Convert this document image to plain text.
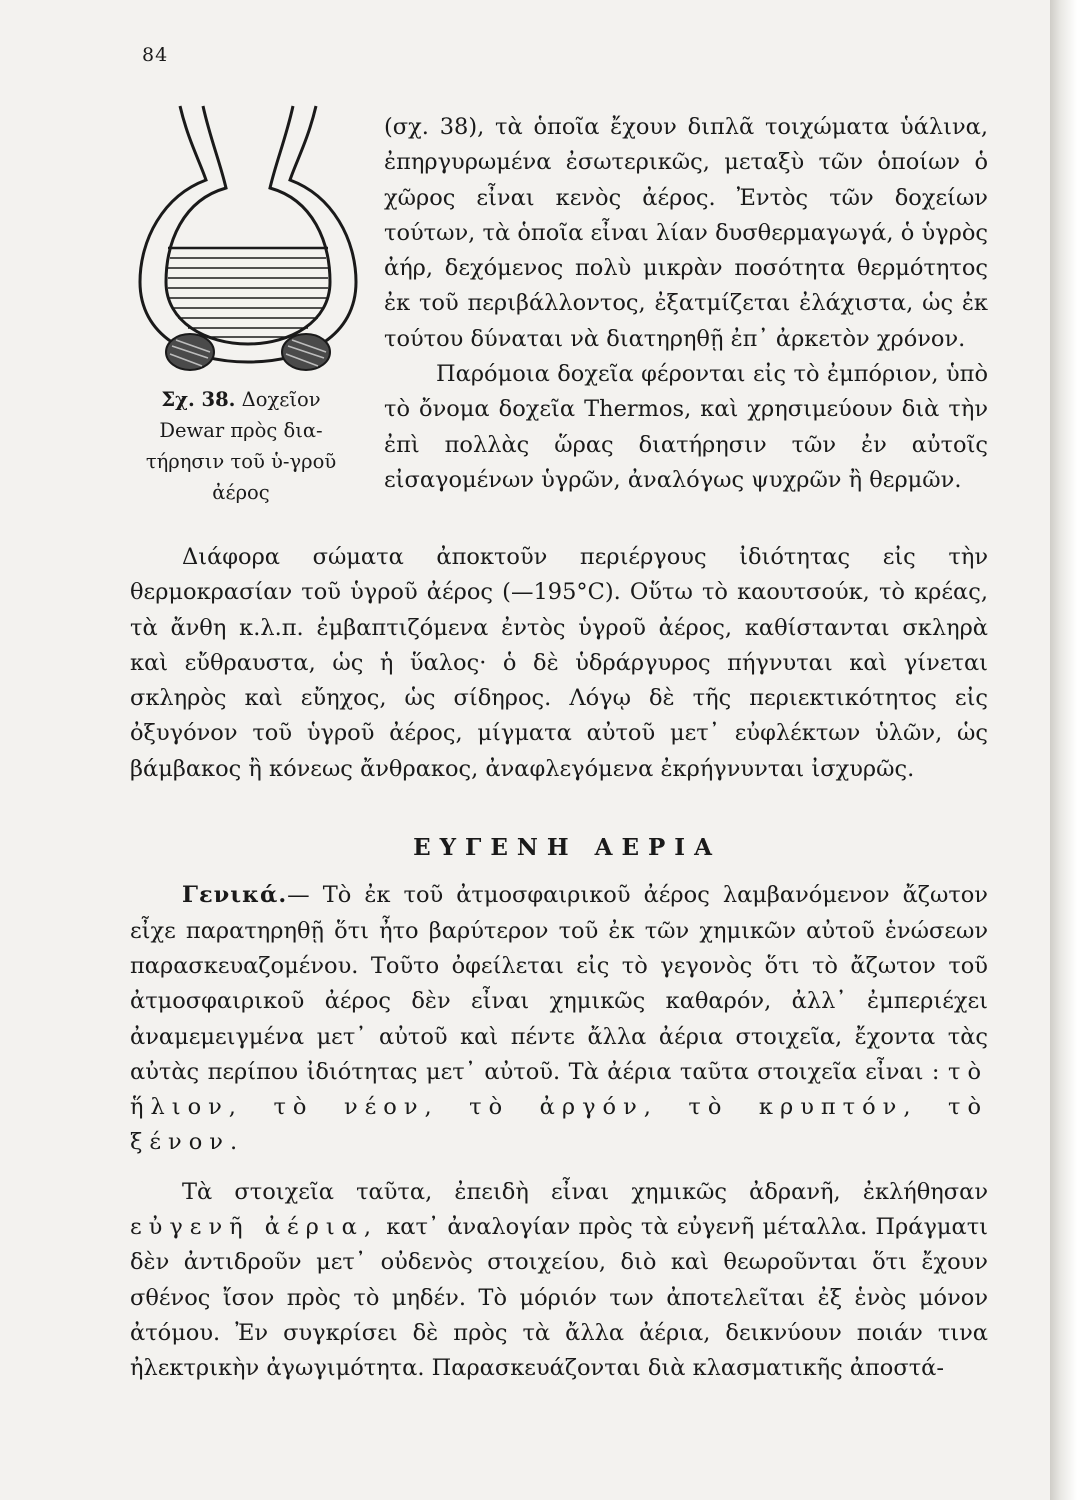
84
Σχ. 38. Δοχεῖον Dewar πρὸς δια-τήρησιν τοῦ ὑ-γροῦ ἀέρος

(σχ. 38), τὰ ὁποῖα ἔχουν διπλᾶ τοιχώματα ὑάλινα, ἐπηργυρωμένα ἐσωτερικῶς, μεταξὺ τῶν ὁποίων ὁ χῶρος εἶναι κενὸς ἀέρος. Ἐντὸς τῶν δοχείων τούτων, τὰ ὁποῖα εἶναι λίαν δυσθερμαγωγά, ὁ ὑγρὸς ἀήρ, δεχόμενος πολὺ μικρὰν ποσότητα θερμότητος ἐκ τοῦ περιβάλλοντος, ἐξατμίζεται ἐλάχιστα, ὡς ἐκ τούτου δύναται νὰ διατηρηθῇ ἐπ᾽ ἀρκετὸν χρόνον.

Παρόμοια δοχεῖα φέρονται εἰς τὸ ἐμπόριον, ὑπὸ τὸ ὄνομα δοχεῖα Thermos, καὶ χρησιμεύουν διὰ τὴν ἐπὶ πολλὰς ὥρας διατήρησιν τῶν ἐν αὐτοῖς εἰσαγομένων ὑγρῶν, ἀναλόγως ψυχρῶν ἢ θερμῶν.

Διάφορα σώματα ἀποκτοῦν περιέργους ἰδιότητας εἰς τὴν θερμοκρασίαν τοῦ ὑγροῦ ἀέρος (—195°C). Οὕτω τὸ καουτσούκ, τὸ κρέας, τὰ ἄνθη κ.λ.π. ἐμβαπτιζόμενα ἐντὸς ὑγροῦ ἀέρος, καθίστανται σκληρὰ καὶ εὔθραυστα, ὡς ἡ ὕαλος· ὁ δὲ ὑδράργυρος πήγνυται καὶ γίνεται σκληρὸς καὶ εὔηχος, ὡς σίδηρος. Λόγῳ δὲ τῆς περιεκτικότητος εἰς ὀξυγόνον τοῦ ὑγροῦ ἀέρος, μίγματα αὐτοῦ μετ᾽ εὐφλέκτων ὑλῶν, ὡς βάμβακος ἢ κόνεως ἄνθρακος, ἀναφλεγόμενα ἐκρήγνυνται ἰσχυρῶς.

ΕΥΓΕΝΗ ΑΕΡΙΑ

Γενικά.— Τὸ ἐκ τοῦ ἀτμοσφαιρικοῦ ἀέρος λαμβανόμενον ἄζωτον εἶχε παρατηρηθῇ ὅτι ἦτο βαρύτερον τοῦ ἐκ τῶν χημικῶν αὐτοῦ ἑνώσεων παρασκευαζομένου. Τοῦτο ὀφείλεται εἰς τὸ γεγονὸς ὅτι τὸ ἄζωτον τοῦ ἀτμοσφαιρικοῦ ἀέρος δὲν εἶναι χημικῶς καθαρόν, ἀλλ᾽ ἐμπεριέχει ἀναμεμειγμένα μετ᾽ αὐτοῦ καὶ πέντε ἄλλα ἀέρια στοιχεῖα, ἔχοντα τὰς αὐτὰς περίπου ἰδιότητας μετ᾽ αὐτοῦ. Τὰ ἀέρια ταῦτα στοιχεῖα εἶναι : τὸ ἥλιον, τὸ νέον, τὸ ἀργόν, τὸ κρυπτόν, τὸ ξένον.

Τὰ στοιχεῖα ταῦτα, ἐπειδὴ εἶναι χημικῶς ἀδρανῆ, ἐκλήθησαν εὐγενῆ ἀέρια, κατ᾽ ἀναλογίαν πρὸς τὰ εὐγενῆ μέταλλα. Πράγματι δὲν ἀντιδροῦν μετ᾽ οὐδενὸς στοιχείου, διὸ καὶ θεωροῦνται ὅτι ἔχουν σθένος ἴσον πρὸς τὸ μηδέν. Τὸ μόριόν των ἀποτελεῖται ἐξ ἑνὸς μόνον ἀτόμου. Ἐν συγκρίσει δὲ πρὸς τὰ ἄλλα ἀέρια, δεικνύουν ποιάν τινα ἠλεκτρικὴν ἀγωγιμότητα. Παρασκευάζονται διὰ κλασματικῆς ἀποστά-
